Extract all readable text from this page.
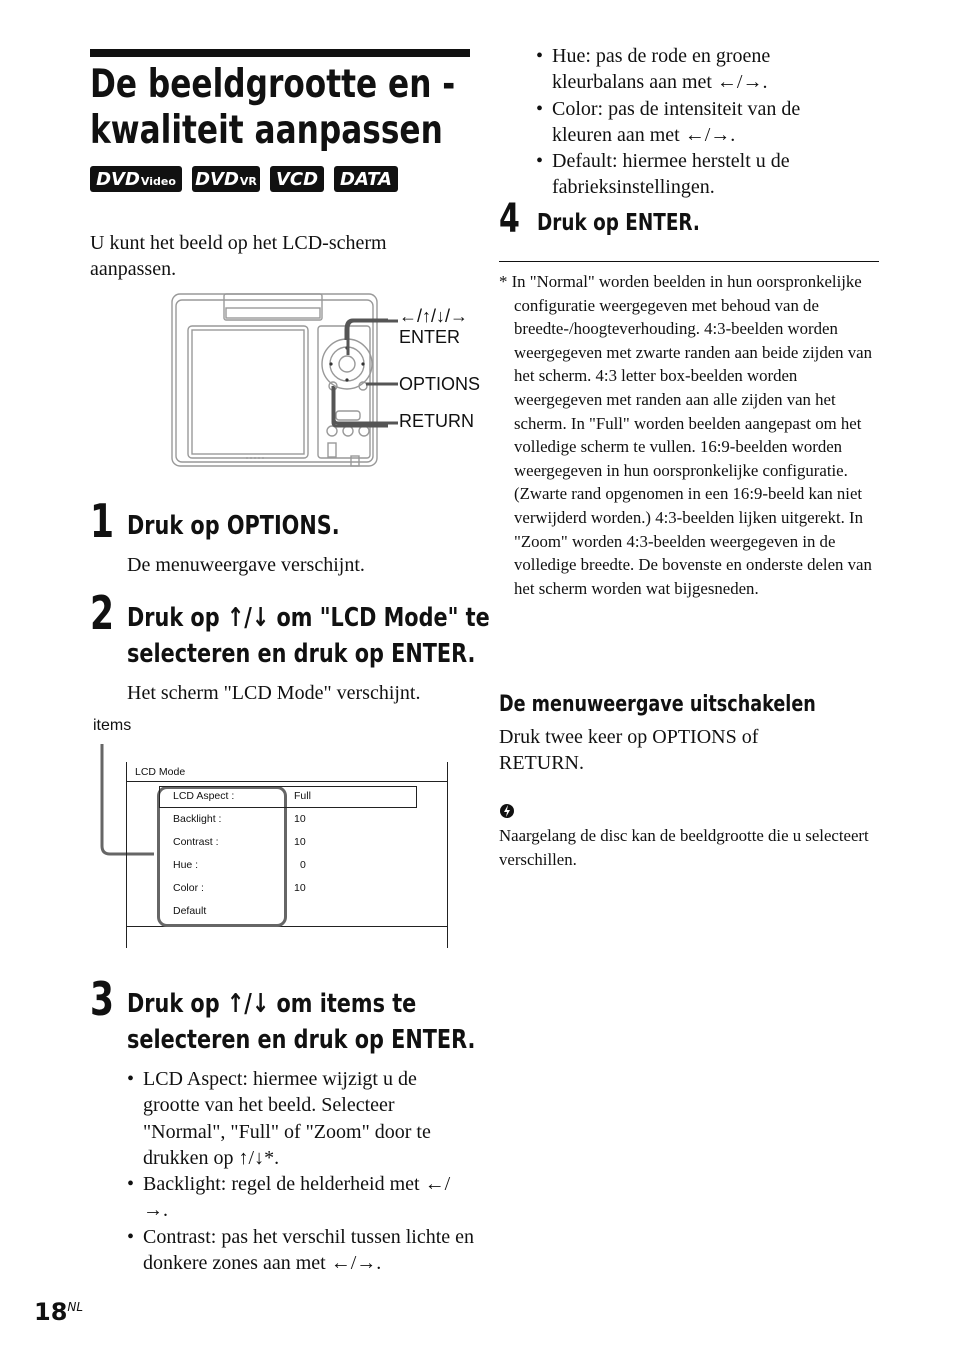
De beeldgrootte en -
kwaliteit aanpassen
DVD Video DVD VR VCD DATA
U kunt het beeld op het LCD-scherm aanpassen.
←/↑/↓/→
ENTER
OPTIONS
RETURN
1 Druk op OPTIONS.
De menuweergave verschijnt.
2 Druk op ↑/↓ om "LCD Mode" te
selecteren en druk op ENTER.
Het scherm "LCD Mode" verschijnt.
items
LCD Mode
LCD Aspect :	Full
Backlight :	10
Contrast :	10
Hue :	0
Color :	10
Default
3 Druk op ↑/↓ om items te
selecteren en druk op ENTER.
• LCD Aspect: hiermee wijzigt u de grootte van het beeld. Selecteer "Normal", "Full" of "Zoom" door te drukken op ↑/↓*.
• Backlight: regel de helderheid met ←/→.
• Contrast: pas het verschil tussen lichte en donkere zones aan met ←/→.
$18^{NL}$
• Hue: pas de rode en groene kleurbalans aan met ←/→.
• Color: pas de intensiteit van de kleuren aan met ←/→.
• Default: hiermee herstelt u de fabrieksinstellingen.
4 Druk op ENTER.
* In "Normal" worden beelden in hun oorspronkelijke configuratie weergegeven met behoud van de breedte-/hoogteverhouding. 4:3-beelden worden weergegeven met zwarte randen aan beide zijden van het scherm. 4:3 letter box-beelden worden weergegeven met randen aan alle zijden van het scherm. In "Full" worden beelden aangepast om het volledige scherm te vullen. 16:9-beelden worden weergegeven in hun oorspronkelijke configuratie. (Zwarte rand opgenomen in een 16:9-beeld kan niet verwijderd worden.) 4:3-beelden lijken uitgerekt. In "Zoom" worden 4:3-beelden weergegeven in de volledige breedte. De bovenste en onderste delen van het scherm worden wat bijgesneden.
De menuweergave uitschakelen
Druk twee keer op OPTIONS of RETURN.
Naargelang de disc kan de beeldgrootte die u selecteert verschillen.
